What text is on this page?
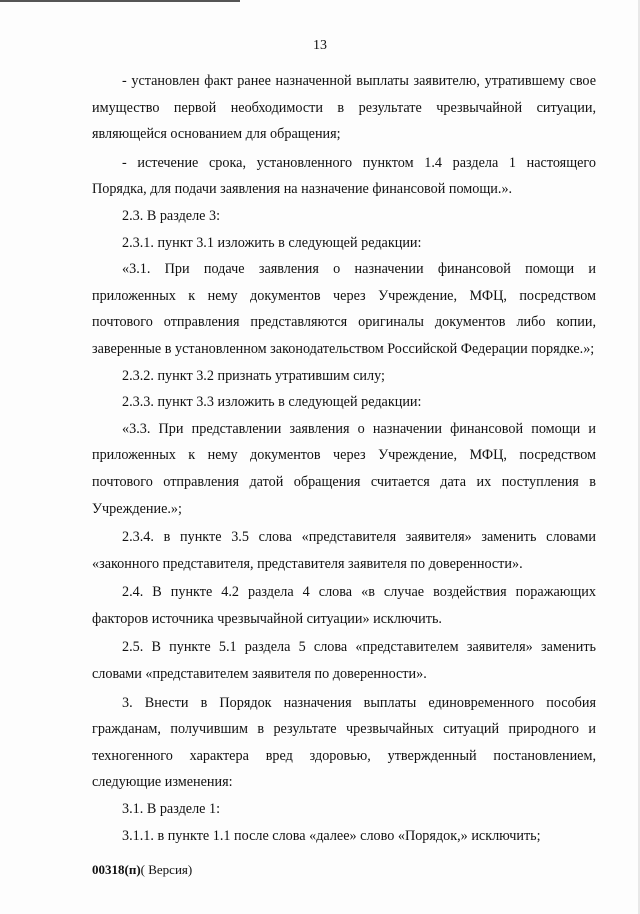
13

- установлен факт ранее назначенной выплаты заявителю, утратившему свое имущество первой необходимости в результате чрезвычайной ситуации, являющейся основанием для обращения;

- истечение срока, установленного пунктом 1.4 раздела 1 настоящего Порядка, для подачи заявления на назначение финансовой помощи.».

2.3. В разделе 3:

2.3.1. пункт 3.1 изложить в следующей редакции:

«3.1. При подаче заявления о назначении финансовой помощи и приложенных к нему документов через Учреждение, МФЦ, посредством почтового отправления представляются оригиналы документов либо копии, заверенные в установленном законодательством Российской Федерации порядке.»;

2.3.2. пункт 3.2 признать утратившим силу;

2.3.3. пункт 3.3 изложить в следующей редакции:

«3.3. При представлении заявления о назначении финансовой помощи и приложенных к нему документов через Учреждение, МФЦ, посредством почтового отправления датой обращения считается дата их поступления в Учреждение.»;

2.3.4. в пункте 3.5 слова «представителя заявителя» заменить словами «законного представителя, представителя заявителя по доверенности».

2.4. В пункте 4.2 раздела 4 слова «в случае воздействия поражающих факторов источника чрезвычайной ситуации» исключить.

2.5. В пункте 5.1 раздела 5 слова «представителем заявителя» заменить словами «представителем заявителя по доверенности».

3. Внести в Порядок назначения выплаты единовременного пособия гражданам, получившим в результате чрезвычайных ситуаций природного и техногенного характера вред здоровью, утвержденный постановлением, следующие изменения:

3.1. В разделе 1:

3.1.1. в пункте 1.1 после слова «далее» слово «Порядок,» исключить;

00318(п)( Версия)
